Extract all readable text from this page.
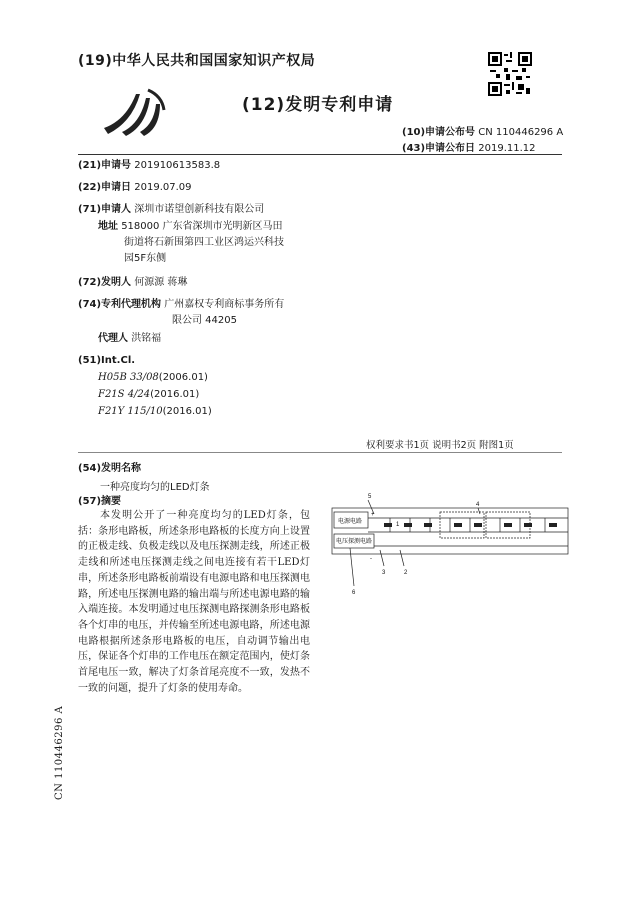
(19)中华人民共和国国家知识产权局
(12)发明专利申请
(10)申请公布号 CN 110446296 A
(43)申请公布日 2019.11.12
(21)申请号 201910613583.8
(22)申请日 2019.07.09
(71)申请人 深圳市诺望创新科技有限公司
地址 518000 广东省深圳市光明新区马田
街道将石新围第四工业区鸿运兴科技
园5F东侧
(72)发明人 何源源 蒋琳
(74)专利代理机构 广州嘉权专利商标事务所有
限公司 44205
代理人 洪铭福
(51)Int.Cl.
H05B 33/08(2006.01)
F21S 4/24(2016.01)
F21Y 115/10(2016.01)
权利要求书1页 说明书2页 附图1页
(54)发明名称
一种亮度均匀的LED灯条
(57)摘要
本发明公开了一种亮度均匀的LED灯条，包括：条形电路板，所述条形电路板的长度方向上设置的正极走线、负极走线以及电压探测走线，所述正极走线和所述电压探测走线之间电连接有若干LED灯串，所述条形电路板前端设有电源电路和电压探测电路，所述电压探测电路的输出端与所述电源电路的输入端连接。本发明通过电压探测电路探测条形电路板各个灯串的电压，并传输至所述电源电路，所述电源电路根据所述条形电路板的电压，自动调节输出电压，保证各个灯串的工作电压在额定范围内，使灯条首尾电压一致，解决了灯条首尾亮度不一致，发热不一致的问题，提升了灯条的使用寿命。
电源电路
电压探测电路
+
-
5
1
4
6
3	2
CN 110446296 A
